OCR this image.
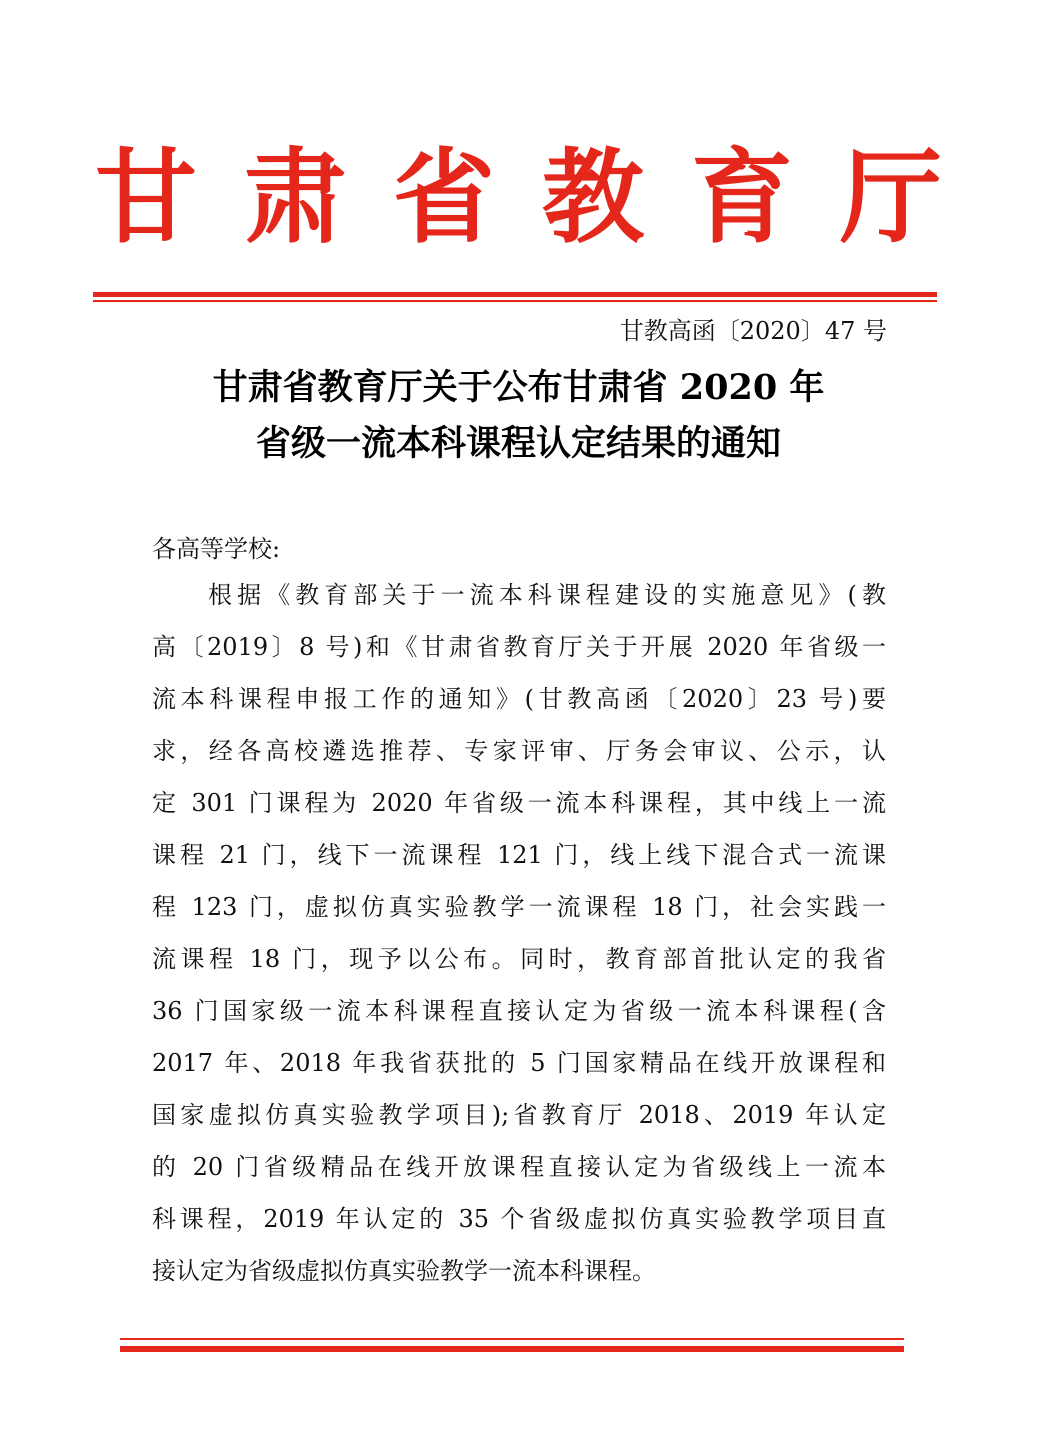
甘 肃 省 教 育 厅
甘教高函〔2020〕47 号
甘肃省教育厅关于公布甘肃省 2020 年
省级一流本科课程认定结果的通知
各高等学校:
根据《教育部关于一流本科课程建设的实施意见》(教
高〔2019〕8 号)和《甘肃省教育厅关于开展 2020 年省级一
流本科课程申报工作的通知》(甘教高函〔2020〕23 号)要
求，经各高校遴选推荐、专家评审、厅务会审议、公示，认
定 301 门课程为 2020 年省级一流本科课程，其中线上一流
课程 21 门，线下一流课程 121 门，线上线下混合式一流课
程 123 门，虚拟仿真实验教学一流课程 18 门，社会实践一
流课程 18 门，现予以公布。同时，教育部首批认定的我省
36 门国家级一流本科课程直接认定为省级一流本科课程(含
2017 年、2018 年我省获批的 5 门国家精品在线开放课程和
国家虚拟仿真实验教学项目);省教育厅 2018、2019 年认定
的 20 门省级精品在线开放课程直接认定为省级线上一流本
科课程，2019 年认定的 35 个省级虚拟仿真实验教学项目直
接认定为省级虚拟仿真实验教学一流本科课程。
